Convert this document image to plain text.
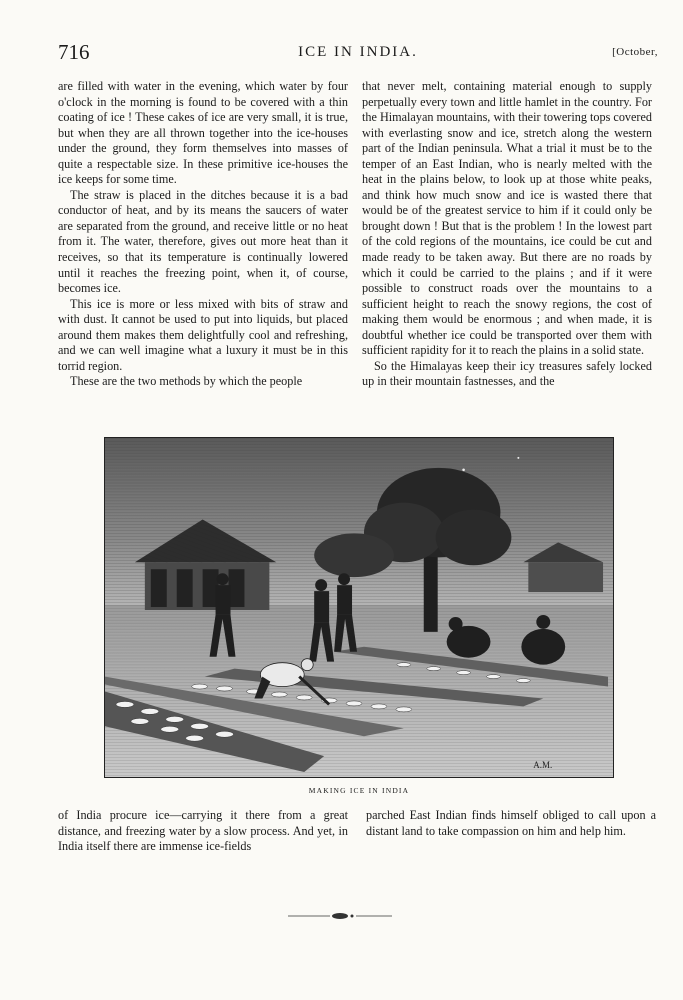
716	ICE IN INDIA.	[October,

are filled with water in the evening, which water by four o'clock in the morning is found to be covered with a thin coating of ice ! These cakes of ice are very small, it is true, but when they are all thrown together into the ice-houses under the ground, they form themselves into masses of quite a respectable size. In these primitive ice-houses the ice keeps for some time.

The straw is placed in the ditches because it is a bad conductor of heat, and by its means the saucers of water are separated from the ground, and receive little or no heat from it. The water, therefore, gives out more heat than it receives, so that its temperature is continually lowered until it reaches the freezing point, when it, of course, becomes ice.

This ice is more or less mixed with bits of straw and with dust. It cannot be used to put into liquids, but placed around them makes them delightfully cool and refreshing, and we can well imagine what a luxury it must be in this torrid region.

These are the two methods by which the people

that never melt, containing material enough to supply perpetually every town and little hamlet in the country. For the Himalayan mountains, with their towering tops covered with everlasting snow and ice, stretch along the western part of the Indian peninsula. What a trial it must be to the temper of an East Indian, who is nearly melted with the heat in the plains below, to look up at those white peaks, and think how much snow and ice is wasted there that would be of the greatest service to him if it could only be brought down ! But that is the problem ! In the lowest part of the cold regions of the mountains, ice could be cut and made ready to be taken away. But there are no roads by which it could be carried to the plains ; and if it were possible to construct roads over the mountains to a sufficient height to reach the snowy regions, the cost of making them would be enormous ; and when made, it is doubtful whether ice could be transported over them with sufficient rapidity for it to reach the plains in a solid state.

So the Himalayas keep their icy treasures safely locked up in their mountain fastnesses, and the

A.M.
MAKING ICE IN INDIA

of India procure ice—carrying it there from a great distance, and freezing water by a slow process. And yet, in India itself there are immense ice-fields

parched East Indian finds himself obliged to call upon a distant land to take compassion on him and help him.
